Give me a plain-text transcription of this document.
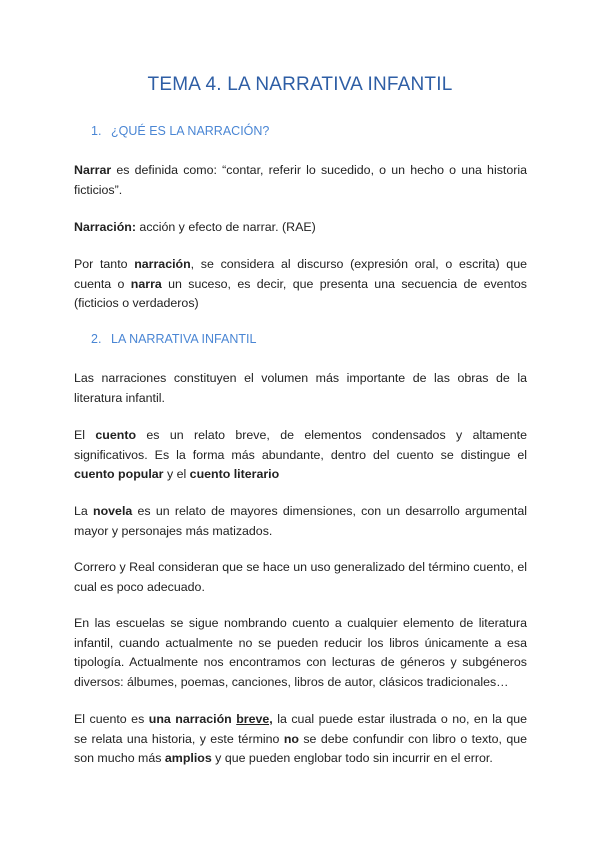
TEMA 4. LA NARRATIVA INFANTIL
1. ¿QUÉ ES LA NARRACIÓN?

Narrar es definida como: “contar, referir lo sucedido, o un hecho o una historia ficticios”.

Narración: acción y efecto de narrar. (RAE)

Por tanto narración, se considera al discurso (expresión oral, o escrita) que cuenta o narra un suceso, es decir, que presenta una secuencia de eventos (ficticios o verdaderos)

2. LA NARRATIVA INFANTIL

Las narraciones constituyen el volumen más importante de las obras de la literatura infantil.

El cuento es un relato breve, de elementos condensados y altamente significativos. Es la forma más abundante, dentro del cuento se distingue el cuento popular y el cuento literario

La novela es un relato de mayores dimensiones, con un desarrollo argumental mayor y personajes más matizados.

Correro y Real consideran que se hace un uso generalizado del término cuento, el cual es poco adecuado.

En las escuelas se sigue nombrando cuento a cualquier elemento de literatura infantil, cuando actualmente no se pueden reducir los libros únicamente a esa tipología. Actualmente nos encontramos con lecturas de géneros y subgéneros diversos: álbumes, poemas, canciones, libros de autor, clásicos tradicionales…

El cuento es una narración breve, la cual puede estar ilustrada o no, en la que se relata una historia, y este término no se debe confundir con libro o texto, que son mucho más amplios y que pueden englobar todo sin incurrir en el error.
